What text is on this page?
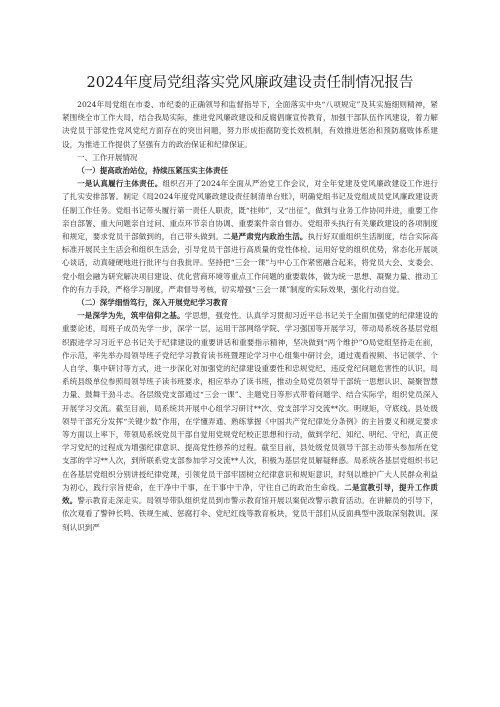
2024年度局党组落实党风廉政建设责任制情况报告

2024年局党组在市委、市纪委的正确领导和监督指导下，全面落实中央“八项规定”及其实施细则精神，紧紧围绕全市工作大局，结合我局实际，推进党风廉政建设和反腐倡廉宣传教育，加强干部队伍作风建设，着力解决党员干部党性党风党纪方面存在的突出问题，努力形成拒腐防变长效机制，有效推进惩治和预防腐败体系建设，为推进工作提供了坚强有力的政治保证和纪律保证。

一、工作开展情况

（一）提高政治站位，持续压紧压实主体责任

一是认真履行主体责任。组织召开了2024年全面从严治党工作会议，对全年党建及党风廉政建设工作进行了扎实安排部署。制定《局2024年度党风廉政建设责任制清单台账》，明确党组书记及党组成员党风廉政建设责任制工作任务。党组书记带头履行第一责任人职责，既“挂帅”，又“出征”，做到与业务工作协同并进，重要工作亲自部署、重大问题亲自过问、重点环节亲自协调、重要案件亲自督办。党组带头执行有关廉政建设的各项制度和规定，要求党员干部做到的，自己带头做到。二是严肃党内政治生活。执行好双重组织生活制度，结合实际高标准开展民主生活会和组织生活会，引导党员干部进行高质量的党性体检。运用好党的组织优势，常态化开展谈心谈话，动真碰硬地进行批评与自我批评。坚持把“三会一课”与中心工作紧密融合起来，将党员大会、支委会、党小组会融为研究解决项目建设、优化营商环境等重点工作问题的重要载体，做为统一思想、凝聚力量、推动工作的有力手段，严格学习制度，严肃督导考核，切实增强“三会一课”制度的实际效果，强化行动自觉。

（二）深学细悟笃行，深入开展党纪学习教育

一是深学为先，筑牢信仰之基。学思想，强党性。认真学习贯彻习近平总书记关于全面加强党的纪律建设的重要论述，局班子成员先学一步，深学一层，运用干部网络学院、学习强国等开展学习，带动局系统各基层党组织跟进学习习近平总书记关于纪律建设的重要讲话和重要指示精神，坚决做到“两个维护”O局党组坚持走在前，作示范，率先举办局领导班子党纪学习教育读书班暨理论学习中心组集中研讨会，通过观看视频、书记领学、个人自学、集中研讨等方式，进一步深化对加强党的纪律建设重要性和忠规党纪、违反党纪问题危害性的认识。局系统县级单位参照局领导班子读书班要求，相应举办了读书班，推动全局党员领导干部统一思想认识、凝聚智慧力量、鼓舞干劲斗志。各层级党支部通过“三会一课”、主题党日等形式带着问题学、结合实际学，组织党员深入开展学习交流。截至目前，局系统共开展中心组学习研讨**次、党支部学习交流**次。明规矩，守底线。县处级领导干部充分发挥“关键少数”作用，在学懂弄通、熟练掌握《中国共产党纪律处分条例》的主旨要义和规定要求等方面以上率下，带领局系统党员干部自觉用党规党纪校正思想和行动，做到学纪、知纪、明纪、守纪，真正使学习党纪的过程成为增强纪律意识、提高党性修养的过程。截至目前，县处级党员领导干部主动带头参加所在党支部的学习**人次，到所联系党支部参加学习交流**人次，积极为基层党员解疑释惑。局系统各基层党组织书记在各基层党组织分别讲授纪律党课，引领党员干部牢固树立纪律意识和规矩意识，时刻以维护广大人民群众利益为初心，践行宗旨使命，在干净中干事，在干事中干净，守住自己的政治生命线。二是宣教引导，提升工作质效。警示教育走深走实。局领导带队组织党员到市警示教育馆开展以案促改警示教育活动。在讲解员的引导下，依次观看了警钟长鸣、铁规生威、惩腐打伞、党纪红线等教育板块，党员干部们从反面典型中汲取深刻教训。深刻认识到严
